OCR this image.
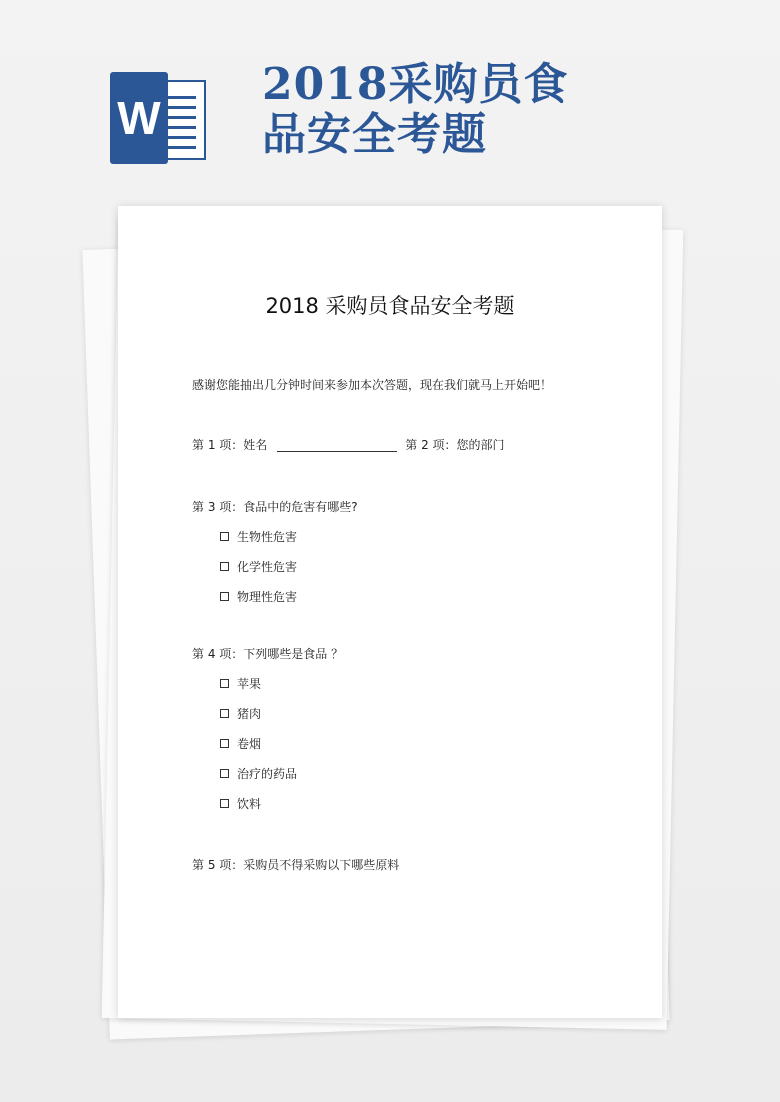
W
2018采购员食
品安全考题
2018 采购员食品安全考题
感谢您能抽出几分钟时间来参加本次答题，现在我们就马上开始吧！
第 1 项：姓名	第 2 项：您的部门
第 3 项：食品中的危害有哪些?
生物性危害
化学性危害
物理性危害
第 4 项：下列哪些是食品 ？
苹果
猪肉
卷烟
治疗的药品
饮料
第 5 项：采购员不得采购以下哪些原料
